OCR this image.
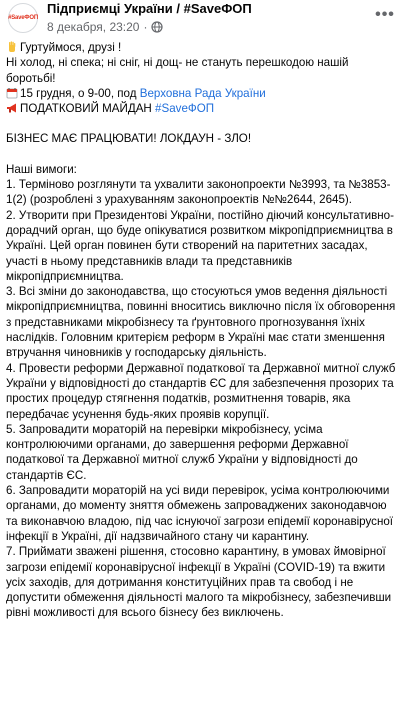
#SaveФОП
Підприємці України / #SaveФОП
8 декабря, 23:20 ·
•••

Гуртуймося, друзі !

Ні холод, ні спека; ні сніг, ні дощ- не стануть перешкодою нашій боротьбі!

15 грудня, о 9-00, под Верховна Рада України

ПОДАТКОВИЙ МАЙДАН #SaveФОП

БІЗНЕС МАЄ ПРАЦЮВАТИ! ЛОКДАУН - ЗЛО!

Наші вимоги:

1. Терміново розглянути та ухвалити законопроекти №3993, та №3853-1(2) (розроблені з урахуванням законопроектів №№2644, 2645).

2. Утворити при Президентові України, постійно діючий консультативно-дорадчий орган, що буде опікуватися розвитком мікропідприємництва в Україні. Цей орган повинен бути створений на паритетних засадах, участі в ньому представників влади та представників мікропідприємництва.

3. Всі зміни до законодавства, що стосуються умов ведення діяльності мікропідприємництва, повинні вноситись виключно після їх обговорення з представниками мікробізнесу та ґрунтовного прогнозування їхніх наслідків. Головним критерієм реформ в Україні має стати зменшення втручання чиновників у господарську діяльність.

4. Провести реформи Державної податкової та Державної митної служб України у відповідності до стандартів ЄС для забезпечення прозорих та простих процедур стягнення податків, розмитнення товарів, яка передбачає усунення будь-яких проявів корупції.

5. Запровадити мораторій на перевірки мікробізнесу, усіма контролюючими органами, до завершення реформи Державної податкової та Державної митної служб України у відповідності до стандартів ЄС.

6. Запровадити мораторій на усі види перевірок, усіма контролюючими органами, до моменту зняття обмежень запроваджених законодавчою та виконавчою владою, під час існуючої загрози епідемії коронавірусної інфекції в Україні, дії надзвичайного стану чи карантину.

7. Приймати зважені рішення, стосовно карантину, в умовах ймовірної загрози епідемії коронавірусної інфекції в Україні (COVID-19) та вжити усіх заходів, для дотримання конституційних прав та свобод і не допустити обмеження діяльності малого та мікробізнесу, забезпечивши рівні можливості для всього бізнесу без виключень.
